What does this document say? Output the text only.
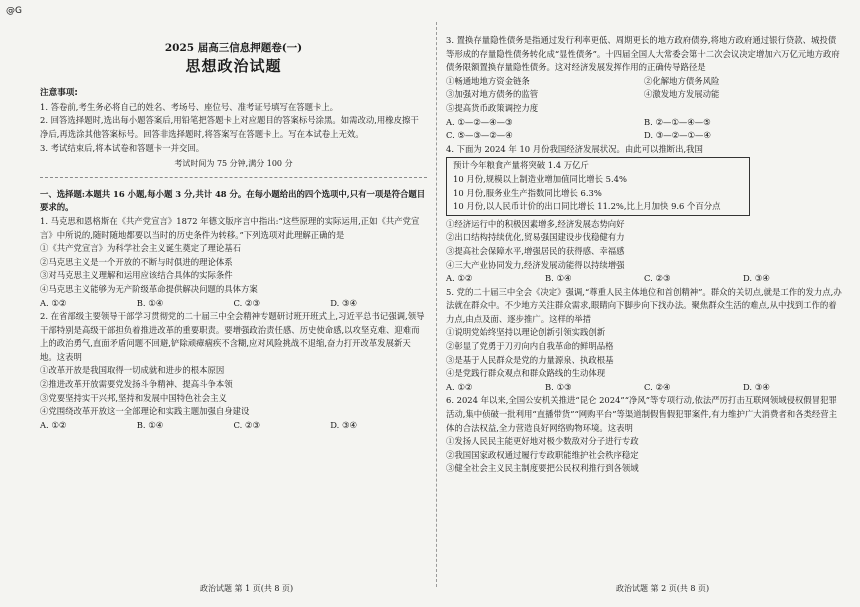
@G
2025 届高三信息押题卷(一)
思想政治试题
注意事项:

1. 答卷前,考生务必将自己的姓名、考场号、座位号、准考证号填写在答题卡上。

2. 回答选择题时,选出每小题答案后,用铅笔把答题卡上对应题目的答案标号涂黑。如需改动,用橡皮擦干净后,再选涂其他答案标号。回答非选择题时,将答案写在答题卡上。写在本试卷上无效。

3. 考试结束后,将本试卷和答题卡一并交回。

考试时间为 75 分钟,满分 100 分

一、选择题:本题共 16 小题,每小题 3 分,共计 48 分。在每小题给出的四个选项中,只有一项是符合题目要求的。

1. 马克思和恩格斯在《共产党宣言》1872 年德文版序言中指出:“这些原理的实际运用,正如《共产党宣言》中所说的,随时随地都要以当时的历史条件为转移。”下列选项对此理解正确的是

①《共产党宣言》为科学社会主义诞生奠定了理论基石

②马克思主义是一个开放的不断与时俱进的理论体系

③对马克思主义理解和运用应该结合具体的实际条件

④马克思主义能够为无产阶级革命提供解决问题的具体方案

A. ①②	B. ①④	C. ②③	D. ③④

2. 在省部级主要领导干部学习贯彻党的二十届三中全会精神专题研讨班开班式上,习近平总书记强调,领导干部特别是高级干部担负着推进改革的重要职责。要增强政治责任感、历史使命感,以攻坚克难、迎难而上的政治勇气,直面矛盾问题不回避,铲除顽瘴痼疾不含糊,应对风险挑战不退缩,奋力打开改革发展新天地。这表明

①改革开放是我国取得一切成就和进步的根本原因

②推进改革开放需要党发扬斗争精神、提高斗争本领

③党要坚持实干兴邦,坚持和发展中国特色社会主义

④党围绕改革开放这一全部理论和实践主题加强自身建设

A. ①②	B. ①④	C. ②③	D. ③④

3. 置换存量隐性债务是指通过发行利率更低、周期更长的地方政府债券,将地方政府通过银行贷款、城投债等形成的存量隐性债务转化成“显性债务”。十四届全国人大常委会第十二次会议决定增加六万亿元地方政府债务限额置换存量隐性债务。这对经济发展发挥作用的正确传导路径是

①畅通地地方资金链条	②化解地方债务风险
③加强对地方债务的监管	④激发地方发展动能
⑤提高货币政策调控力度
A. ①—②—④—③	B. ②—①—④—⑤
C. ⑤—③—②—④	D. ③—②—①—④

4. 下面为 2024 年 10 月份我国经济发展状况。由此可以推断出,我国

预计今年粮食产量将突破 1.4 万亿斤
10 月份,规模以上制造业增加值同比增长 5.4%
10 月份,服务业生产指数同比增长 6.3%
10 月份,以人民币计价的出口同比增长 11.2%,比上月加快 9.6 个百分点

①经济运行中的积极因素增多,经济发展态势向好

②出口结构持续优化,贸易强国建设步伐稳健有力

③提高社会保障水平,增强居民的获得感、幸福感

④三大产业协同发力,经济发展动能得以持续增强

A. ①②	B. ①④	C. ②③	D. ③④

5. 党的二十届三中全会《决定》强调,“尊重人民主体地位和首创精神”。群众的关切点,就是工作的发力点,办法就在群众中。不少地方关注群众需求,眼睛向下脚步向下找办法。聚焦群众生活的难点,从中找到工作的着力点,由点及面、逐步推广。这样的举措

①说明党始终坚持以理论创新引领实践创新

②彰显了党勇于刀刃向内自我革命的鲜明品格

③是基于人民群众是党的力量源泉、执政根基

④是党践行群众观点和群众路线的生动体现

A. ①②	B. ①③	C. ②④	D. ③④

6. 2024 年以来,全国公安机关推进“昆仑 2024”“净风”等专项行动,依法严厉打击互联网领域侵权假冒犯罪活动,集中侦破一批利用“直播带货”“网购平台”等渠道制假售假犯罪案件,有力维护广大消费者和各类经营主体的合法权益,全力营造良好网络购物环境。这表明

①发扬人民民主能更好地对极少数敌对分子进行专政

②我国国家政权通过履行专政职能维护社会秩序稳定

③健全社会主义民主制度要把公民权利推行到各领域

政治试题 第 1 页(共 8 页)	政治试题 第 2 页(共 8 页)
